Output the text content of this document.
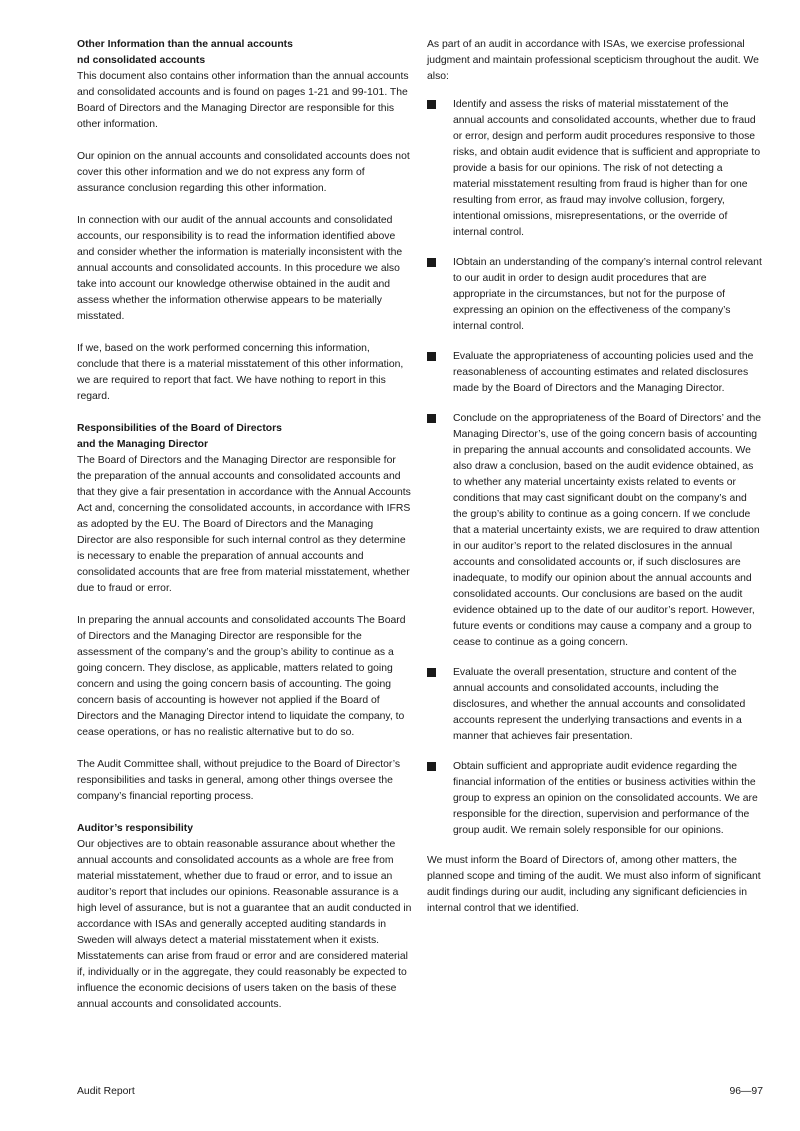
Other Information than the annual accounts

nd consolidated accounts

This document also contains other information than the annual accounts and consolidated accounts and is found on pages 1-21 and 99-101. The Board of Directors and the Managing Director are responsible for this other information.

Our opinion on the annual accounts and consolidated accounts does not cover this other information and we do not express any form of assurance conclusion regarding this other information.

In connection with our audit of the annual accounts and consolidated accounts, our responsibility is to read the information identified above and consider whether the information is materially inconsistent with the annual accounts and consolidated accounts. In this procedure we also take into account our knowledge otherwise obtained in the audit and assess whether the information otherwise appears to be materially misstated.

If we, based on the work performed concerning this information, conclude that there is a material misstatement of this other information, we are required to report that fact. We have nothing to report in this regard.

Responsibilities of the Board of Directors

and the Managing Director

The Board of Directors and the Managing Director are responsible for the preparation of the annual accounts and consolidated accounts and that they give a fair presentation in accordance with the Annual Accounts Act and, concerning the consolidated accounts, in accordance with IFRS as adopted by the EU. The Board of Directors and the Managing Director are also responsible for such internal control as they determine is necessary to enable the preparation of annual accounts and consolidated accounts that are free from material misstatement, whether due to fraud or error.

In preparing the annual accounts and consolidated accounts The Board of Directors and the Managing Director are responsible for the assessment of the company’s and the group’s ability to continue as a going concern. They disclose, as applicable, matters related to going concern and using the going concern basis of accounting. The going concern basis of accounting is however not applied if the Board of Directors and the Managing Director intend to liquidate the company, to cease operations, or has no realistic alternative but to do so.

The Audit Committee shall, without prejudice to the Board of Director’s responsibilities and tasks in general, among other things oversee the company’s financial reporting process.

Auditor’s responsibility

Our objectives are to obtain reasonable assurance about whether the annual accounts and consolidated accounts as a whole are free from material misstatement, whether due to fraud or error, and to issue an auditor’s report that includes our opinions. Reasonable assurance is a high level of assurance, but is not a guarantee that an audit conducted in accordance with ISAs and generally accepted auditing standards in Sweden will always detect a material misstatement when it exists. Misstatements can arise from fraud or error and are considered material if, individually or in the aggregate, they could reasonably be expected to influence the economic decisions of users taken on the basis of these annual accounts and consolidated accounts.

As part of an audit in accordance with ISAs, we exercise professional judgment and maintain professional scepticism throughout the audit. We also:

Identify and assess the risks of material misstatement of the annual accounts and consolidated accounts, whether due to fraud or error, design and perform audit procedures responsive to those risks, and obtain audit evidence that is sufficient and appropriate to provide a basis for our opinions. The risk of not detecting a material misstatement resulting from fraud is higher than for one resulting from error, as fraud may involve collusion, forgery, intentional omissions, misrepresentations, or the override of internal control.
IObtain an understanding of the company’s internal control relevant to our audit in order to design audit procedures that are appropriate in the circumstances, but not for the purpose of expressing an opinion on the effectiveness of the company’s internal control.
Evaluate the appropriateness of accounting policies used and the reasonableness of accounting estimates and related disclosures made by the Board of Directors and the Managing Director.
Conclude on the appropriateness of the Board of Directors’ and the Managing Director’s, use of the going concern basis of accounting in preparing the annual accounts and consolidated accounts. We also draw a conclusion, based on the audit evidence obtained, as to whether any material uncertainty exists related to events or conditions that may cast significant doubt on the company’s and the group’s ability to continue as a going concern. If we conclude that a material uncertainty exists, we are required to draw attention in our auditor’s report to the related disclosures in the annual accounts and consolidated accounts or, if such disclosures are inadequate, to modify our opinion about the annual accounts and consolidated accounts. Our conclusions are based on the audit evidence obtained up to the date of our auditor’s report. However, future events or conditions may cause a company and a group to cease to continue as a going concern.
Evaluate the overall presentation, structure and content of the annual accounts and consolidated accounts, including the disclosures, and whether the annual accounts and consolidated accounts represent the underlying transactions and events in a manner that achieves fair presentation.
Obtain sufficient and appropriate audit evidence regarding the financial information of the entities or business activities within the group to express an opinion on the consolidated accounts. We are responsible for the direction, supervision and performance of the group audit. We remain solely responsible for our opinions.

We must inform the Board of Directors of, among other matters, the planned scope and timing of the audit. We must also inform of significant audit findings during our audit, including any significant deficiencies in internal control that we identified.

Audit Report	96—97
